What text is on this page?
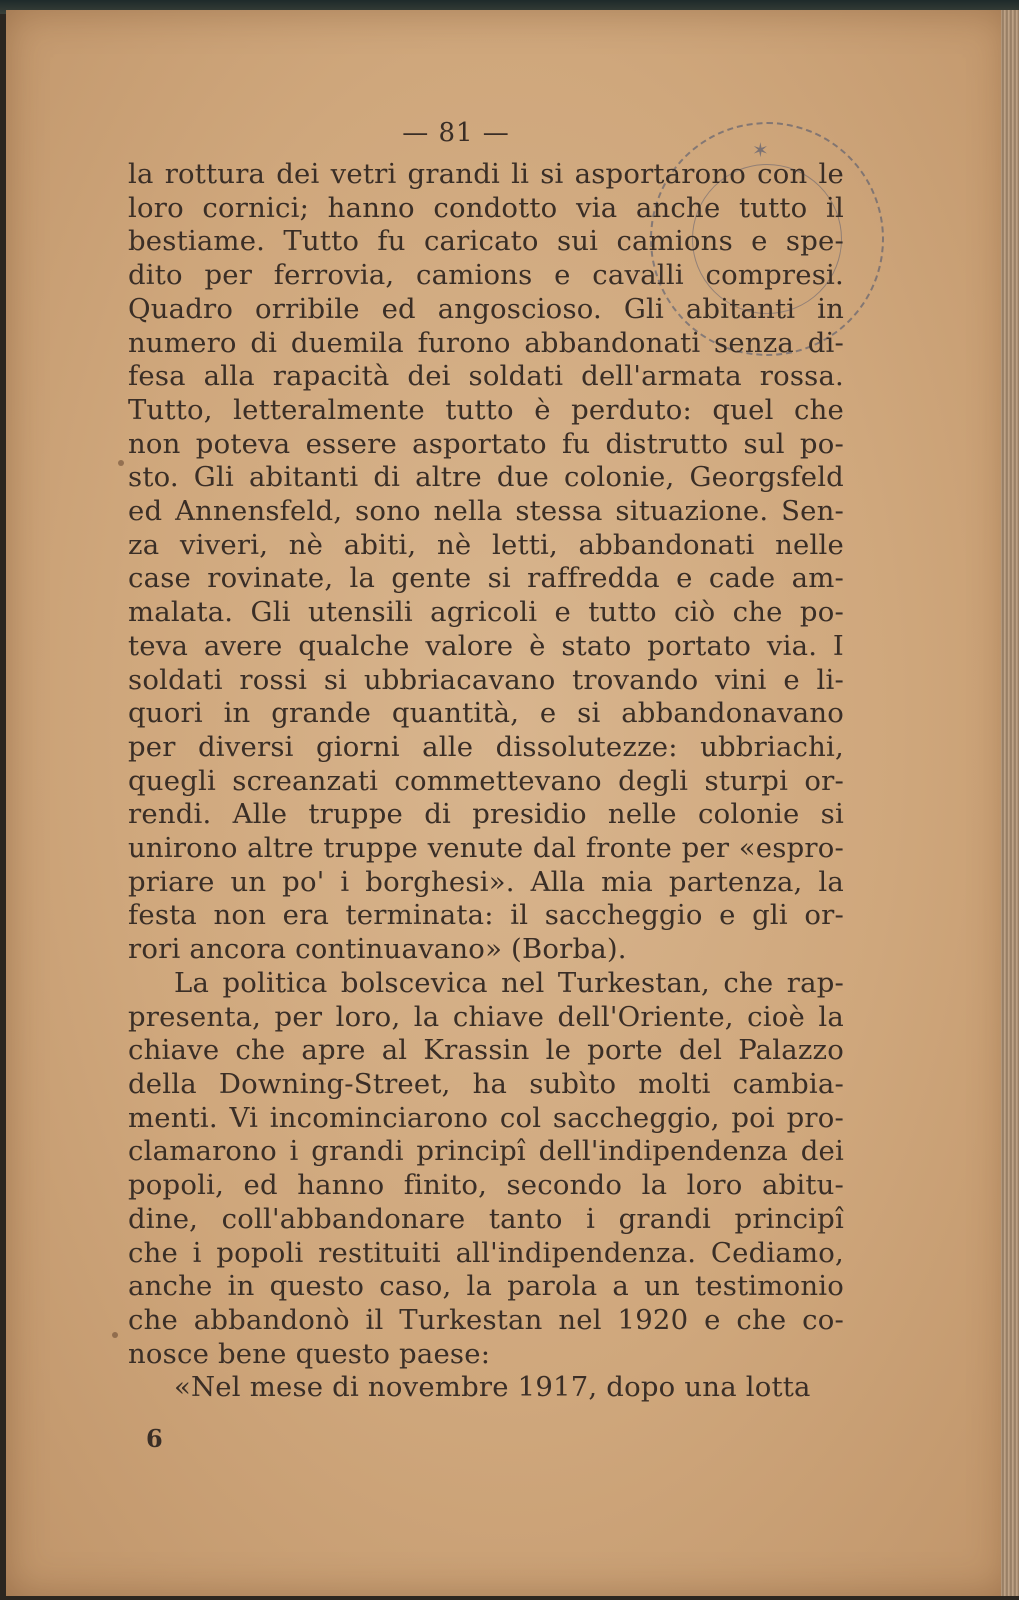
✶
— 81 —

la rottura dei vetri grandi li si asportarono con le
loro cornici; hanno condotto via anche tutto il
bestiame. Tutto fu caricato sui camions e spe-
dito per ferrovia, camions e cavalli compresi.
Quadro orribile ed angoscioso. Gli abitanti in
numero di duemila furono abbandonati senza di-
fesa alla rapacità dei soldati dell'armata rossa.
Tutto, letteralmente tutto è perduto: quel che
non poteva essere asportato fu distrutto sul po-
sto. Gli abitanti di altre due colonie, Georgsfeld
ed Annensfeld, sono nella stessa situazione. Sen-
za viveri, nè abiti, nè letti, abbandonati nelle
case rovinate, la gente si raffredda e cade am-
malata. Gli utensili agricoli e tutto ciò che po-
teva avere qualche valore è stato portato via. I
soldati rossi si ubbriacavano trovando vini e li-
quori in grande quantità, e si abbandonavano
per diversi giorni alle dissolutezze: ubbriachi,
quegli screanzati commettevano degli sturpi or-
rendi. Alle truppe di presidio nelle colonie si
unirono altre truppe venute dal fronte per «espro-
priare un po' i borghesi». Alla mia partenza, la
festa non era terminata: il saccheggio e gli or-
rori ancora continuavano» (Borba).

La politica bolscevica nel Turkestan, che rap-
presenta, per loro, la chiave dell'Oriente, cioè la
chiave che apre al Krassin le porte del Palazzo
della Downing-Street, ha subìto molti cambia-
menti. Vi incominciarono col saccheggio, poi pro-
clamarono i grandi principî dell'indipendenza dei
popoli, ed hanno finito, secondo la loro abitu-
dine, coll'abbandonare tanto i grandi principî
che i popoli restituiti all'indipendenza. Cediamo,
anche in questo caso, la parola a un testimonio
che abbandonò il Turkestan nel 1920 e che co-
nosce bene questo paese:

«Nel mese di novembre 1917, dopo una lotta

6
